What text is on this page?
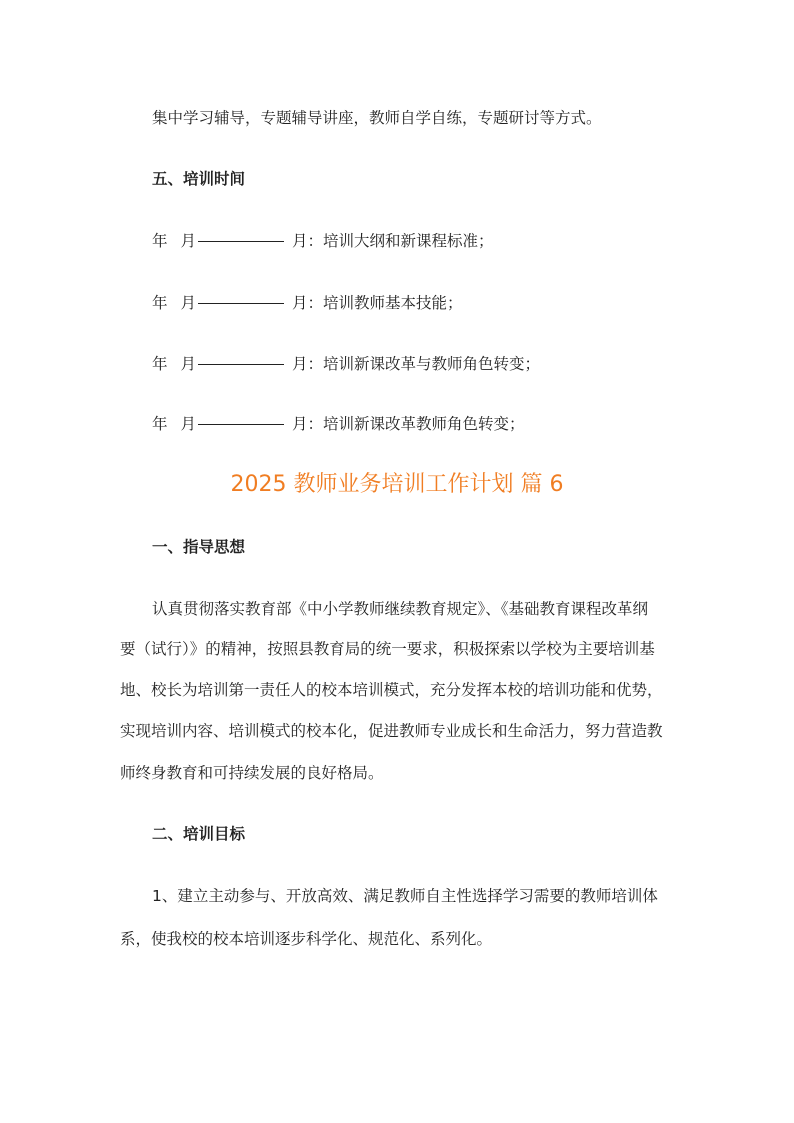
集中学习辅导，专题辅导讲座，教师自学自练，专题研讨等方式。
五、培训时间
年 月	月：培训大纲和新课程标准；
年 月	月：培训教师基本技能；
年 月	月：培训新课改革与教师角色转变；
年 月	月：培训新课改革教师角色转变；
2025 教师业务培训工作计划 篇 6
一、指导思想
认真贯彻落实教育部《中小学教师继续教育规定》、《基础教育课程改革纲
要（试行）》的精神，按照县教育局的统一要求，积极探索以学校为主要培训基
地、校长为培训第一责任人的校本培训模式，充分发挥本校的培训功能和优势，
实现培训内容、培训模式的校本化，促进教师专业成长和生命活力，努力营造教
师终身教育和可持续发展的良好格局。
二、培训目标
1、建立主动参与、开放高效、满足教师自主性选择学习需要的教师培训体
系，使我校的校本培训逐步科学化、规范化、系列化。
